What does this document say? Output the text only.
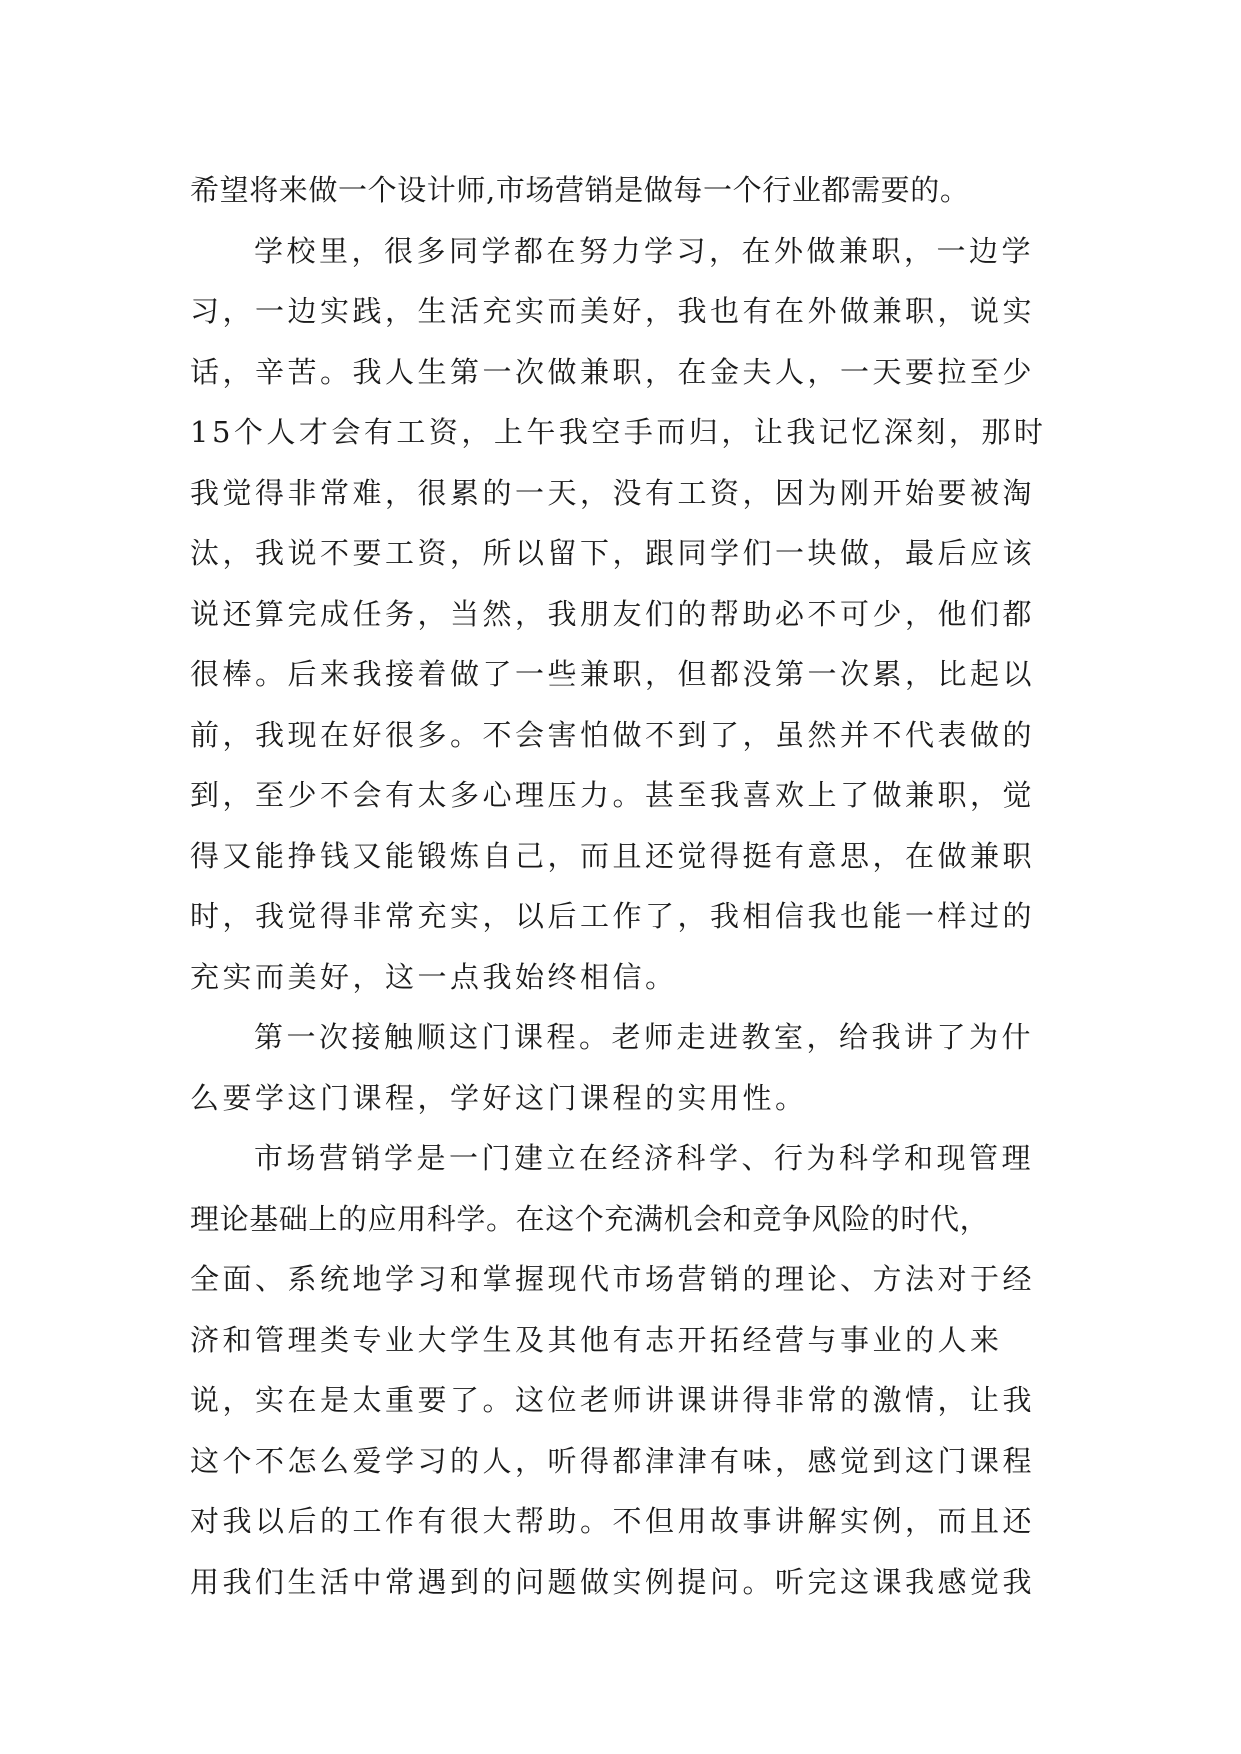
希望将来做一个设计师,市场营销是做每一个行业都需要的。
学校里，很多同学都在努力学习，在外做兼职，一边学
习，一边实践，生活充实而美好，我也有在外做兼职，说实
话，辛苦。我人生第一次做兼职，在金夫人，一天要拉至少
15个人才会有工资，上午我空手而归，让我记忆深刻，那时
我觉得非常难，很累的一天，没有工资，因为刚开始要被淘
汰，我说不要工资，所以留下，跟同学们一块做，最后应该
说还算完成任务，当然，我朋友们的帮助必不可少，他们都
很棒。后来我接着做了一些兼职，但都没第一次累，比起以
前，我现在好很多。不会害怕做不到了，虽然并不代表做的
到，至少不会有太多心理压力。甚至我喜欢上了做兼职，觉
得又能挣钱又能锻炼自己，而且还觉得挺有意思，在做兼职
时，我觉得非常充实，以后工作了，我相信我也能一样过的
充实而美好，这一点我始终相信。
第一次接触顺这门课程。老师走进教室，给我讲了为什
么要学这门课程，学好这门课程的实用性。
市场营销学是一门建立在经济科学、行为科学和现管理
理论基础上的应用科学。在这个充满机会和竞争风险的时代，
全面、系统地学习和掌握现代市场营销的理论、方法对于经
济和管理类专业大学生及其他有志开拓经营与事业的人来
说，实在是太重要了。这位老师讲课讲得非常的激情，让我
这个不怎么爱学习的人，听得都津津有味，感觉到这门课程
对我以后的工作有很大帮助。不但用故事讲解实例，而且还
用我们生活中常遇到的问题做实例提问。听完这课我感觉我
